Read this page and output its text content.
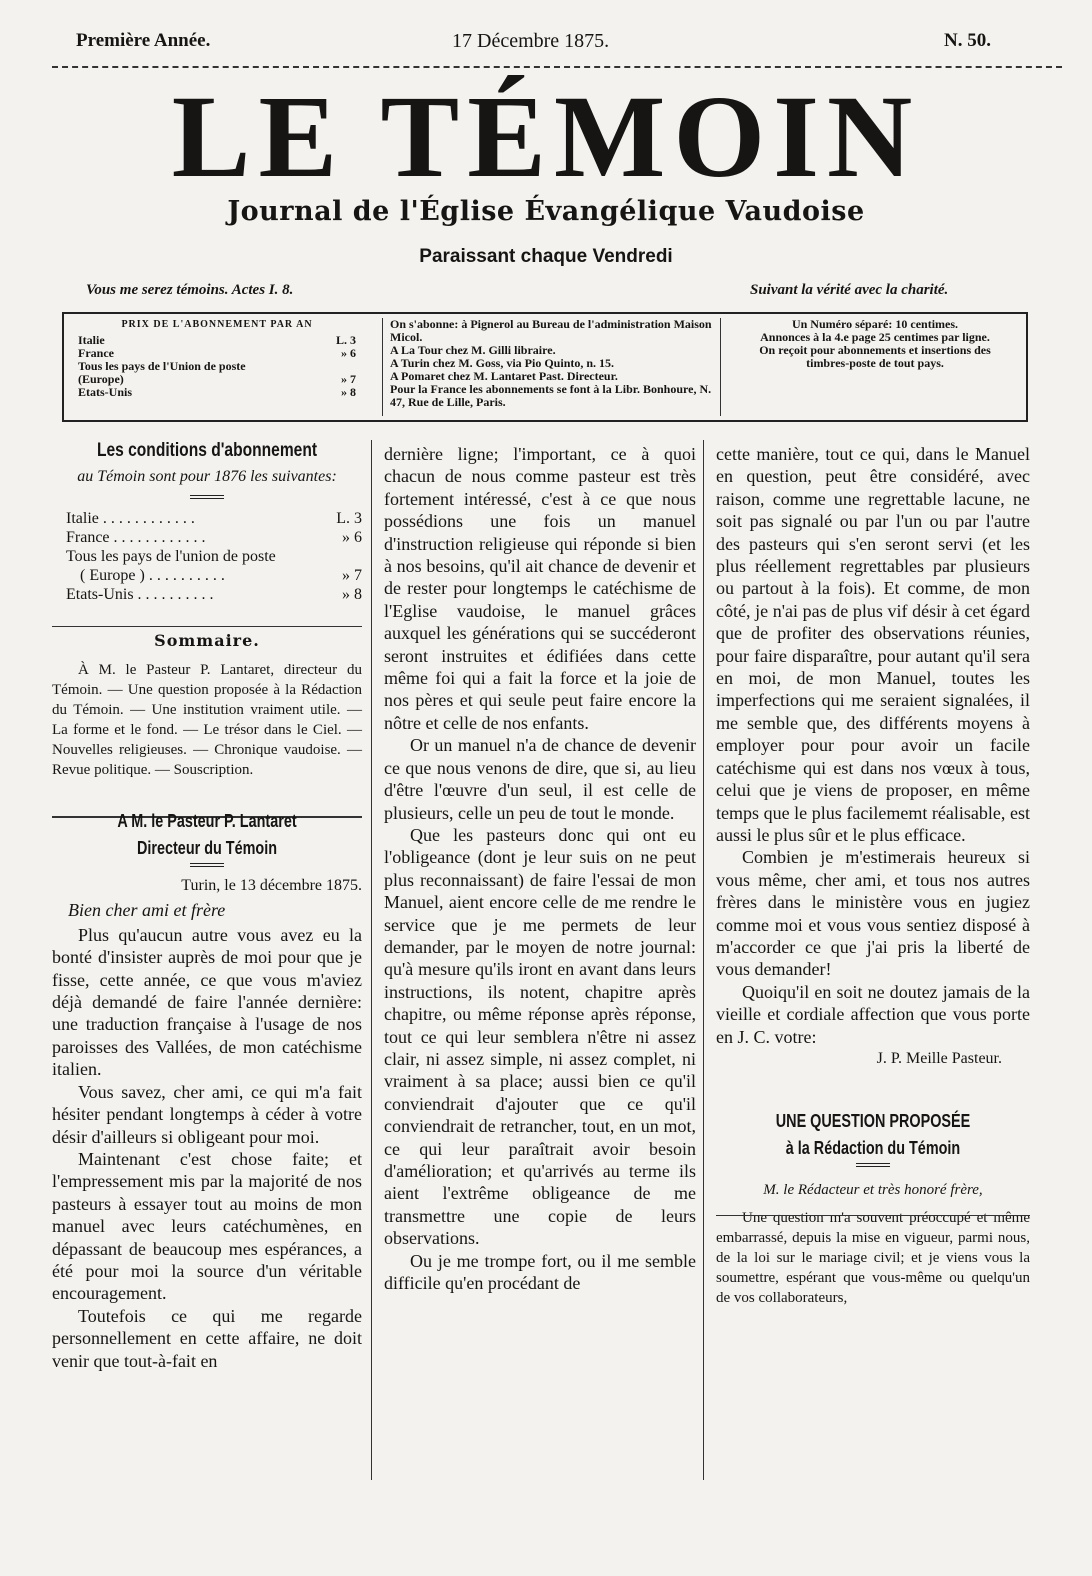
Première Année.	17 Décembre 1875.	N. 50.
LE TÉMOIN
Journal de l'Église Évangélique Vaudoise
Paraissant chaque Vendredi
Vous me serez témoins. Actes I. 8.	Suivant la vérité avec la charité.
PRIX DE L'ABONNEMENT PAR AN
Italie	L. 3
France	» 6
Tous les pays de l'Union de poste (Europe)	» 7
Etats-Unis	» 8
On s'abonne: à Pignerol au Bureau de l'administration Maison Micol.
A La Tour chez M. Gilli libraire.
A Turin chez M. Goss, via Pio Quinto, n. 15.
A Pomaret chez M. Lantaret Past. Directeur.
Pour la France les abonnements se font à la Libr. Bonhoure, N. 47, Rue de Lille, Paris.
Un Numéro séparé: 10 centimes.
Annonces à la 4.e page 25 centimes par ligne.
On reçoit pour abonnements et insertions des timbres-poste de tout pays.
Les conditions d'abonnement
au Témoin sont pour 1876 les suivantes:
Italie . . . . . . . . . . . .	L. 3
France . . . . . . . . . . . .	» 6
Tous les pays de l'union de poste
( Europe ) . . . . . . . . . .	» 7
Etats-Unis . . . . . . . . . .	» 8
Sommaire.

À M. le Pasteur P. Lantaret, directeur du Témoin. — Une question proposée à la Rédaction du Témoin. — Une institution vraiment utile. — La forme et le fond. — Le trésor dans le Ciel. — Nouvelles religieuses. — Chronique vaudoise. — Revue politique. — Souscription.

A M. le Pasteur P. Lantaret
Directeur du Témoin
Turin, le 13 décembre 1875.
Bien cher ami et frère

Plus qu'aucun autre vous avez eu la bonté d'insister auprès de moi pour que je fisse, cette année, ce que vous m'aviez déjà demandé de faire l'année dernière: une traduction française à l'usage de nos paroisses des Vallées, de mon catéchisme italien.

Vous savez, cher ami, ce qui m'a fait hésiter pendant longtemps à céder à votre désir d'ailleurs si obligeant pour moi.

Maintenant c'est chose faite; et l'empressement mis par la majorité de nos pasteurs à essayer tout au moins de mon manuel avec leurs catéchumènes, en dépassant de beaucoup mes espérances, a été pour moi la source d'un véritable encouragement.

Toutefois ce qui me regarde personnellement en cette affaire, ne doit venir que tout-à-fait en

dernière ligne; l'important, ce à quoi chacun de nous comme pasteur est très fortement intéressé, c'est à ce que nous possédions une fois un manuel d'instruction religieuse qui réponde si bien à nos besoins, qu'il ait chance de devenir et de rester pour longtemps le catéchisme de l'Eglise vaudoise, le manuel grâces auxquel les générations qui se succéderont seront instruites et édifiées dans cette même foi qui a fait la force et la joie de nos pères et qui seule peut faire encore la nôtre et celle de nos enfants.

Or un manuel n'a de chance de devenir ce que nous venons de dire, que si, au lieu d'être l'œuvre d'un seul, il est celle de plusieurs, celle un peu de tout le monde.

Que les pasteurs donc qui ont eu l'obligeance (dont je leur suis on ne peut plus reconnaissant) de faire l'essai de mon Manuel, aient encore celle de me rendre le service que je me permets de leur demander, par le moyen de notre journal: qu'à mesure qu'ils iront en avant dans leurs instructions, ils notent, chapitre après chapitre, ou même réponse après réponse, tout ce qui leur semblera n'être ni assez clair, ni assez simple, ni assez complet, ni vraiment à sa place; aussi bien ce qu'il conviendrait d'ajouter que ce qu'il conviendrait de retrancher, tout, en un mot, ce qui leur paraîtrait avoir besoin d'amélioration; et qu'arrivés au terme ils aient l'extrême obligeance de me transmettre une copie de leurs observations.

Ou je me trompe fort, ou il me semble difficile qu'en procédant de

cette manière, tout ce qui, dans le Manuel en question, peut être considéré, avec raison, comme une regrettable lacune, ne soit pas signalé ou par l'un ou par l'autre des pasteurs qui s'en seront servi (et les plus réellement regrettables par plusieurs ou partout à la fois). Et comme, de mon côté, je n'ai pas de plus vif désir à cet égard que de profiter des observations réunies, pour faire disparaître, pour autant qu'il sera en moi, de mon Manuel, toutes les imperfections qui me seraient signalées, il me semble que, des différents moyens à employer pour pour avoir un facile catéchisme qui est dans nos vœux à tous, celui que je viens de proposer, en même temps que le plus facilememt réalisable, est aussi le plus sûr et le plus efficace.

Combien je m'estimerais heureux si vous même, cher ami, et tous nos autres frères dans le ministère vous en jugiez comme moi et vous vous sentiez disposé à m'accorder ce que j'ai pris la liberté de vous demander!

Quoiqu'il en soit ne doutez jamais de la vieille et cordiale affection que vous porte en J. C. votre:

J. P. Meille Pasteur.
UNE QUESTION PROPOSÉE
à la Rédaction du Témoin
M. le Rédacteur et très honoré frère,

Une question m'a souvent préoccupé et même embarrassé, depuis la mise en vigueur, parmi nous, de la loi sur le mariage civil; et je viens vous la soumettre, espérant que vous-même ou quelqu'un de vos collaborateurs,
